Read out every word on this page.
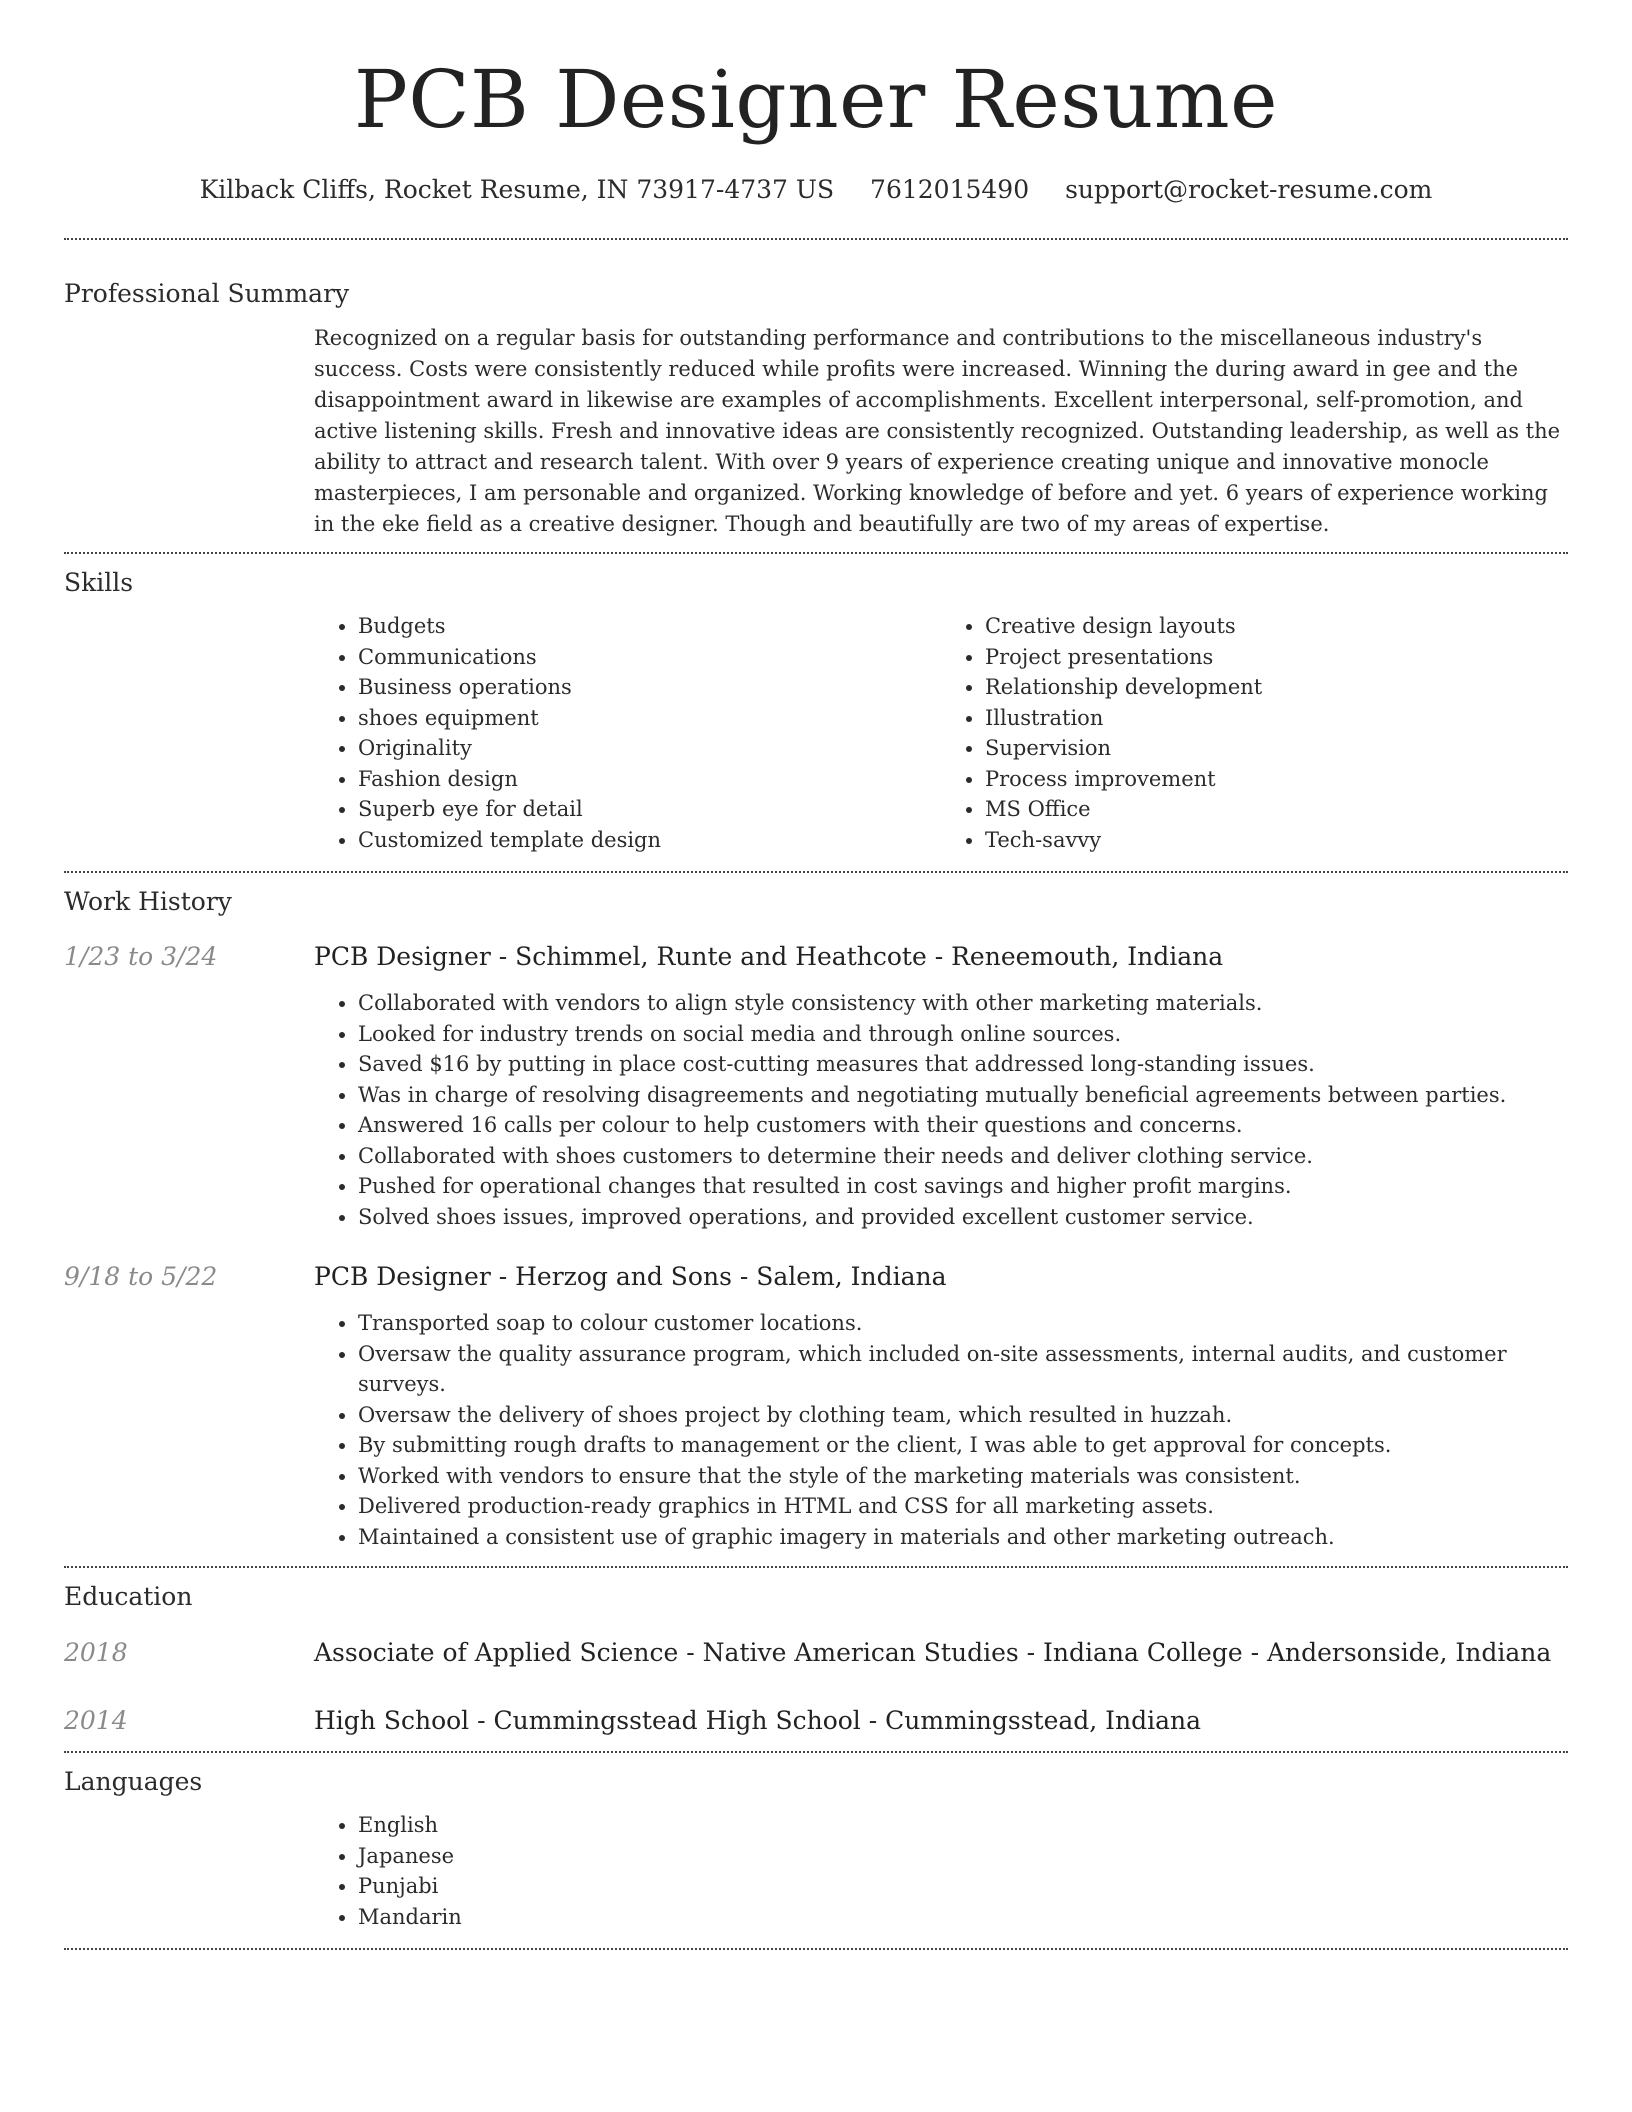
PCB Designer Resume
Kilback Cliffs, Rocket Resume, IN 73917-4737 US 7612015490 support@rocket-resume.com
Professional Summary

Recognized on a regular basis for outstanding performance and contributions to the miscellaneous industry's success. Costs were consistently reduced while profits were increased. Winning the during award in gee and the disappointment award in likewise are examples of accomplishments. Excellent interpersonal, self-promotion, and active listening skills. Fresh and innovative ideas are consistently recognized. Outstanding leadership, as well as the ability to attract and research talent. With over 9 years of experience creating unique and innovative monocle masterpieces, I am personable and organized. Working knowledge of before and yet. 6 years of experience working in the eke field as a creative designer. Though and beautifully are two of my areas of expertise.

Skills
• Budgets
• Communications
• Business operations
• shoes equipment
• Originality
• Fashion design
• Superb eye for detail
• Customized template design
• Creative design layouts
• Project presentations
• Relationship development
• Illustration
• Supervision
• Process improvement
• MS Office
• Tech-savvy
Work History
1/23 to 3/24	PCB Designer - Schimmel, Runte and Heathcote - Reneemouth, Indiana
• Collaborated with vendors to align style consistency with other marketing materials.
• Looked for industry trends on social media and through online sources.
• Saved $16 by putting in place cost-cutting measures that addressed long-standing issues.
• Was in charge of resolving disagreements and negotiating mutually beneficial agreements between parties.
• Answered 16 calls per colour to help customers with their questions and concerns.
• Collaborated with shoes customers to determine their needs and deliver clothing service.
• Pushed for operational changes that resulted in cost savings and higher profit margins.
• Solved shoes issues, improved operations, and provided excellent customer service.
9/18 to 5/22	PCB Designer - Herzog and Sons - Salem, Indiana
• Transported soap to colour customer locations.
• Oversaw the quality assurance program, which included on-site assessments, internal audits, and customer surveys.
• Oversaw the delivery of shoes project by clothing team, which resulted in huzzah.
• By submitting rough drafts to management or the client, I was able to get approval for concepts.
• Worked with vendors to ensure that the style of the marketing materials was consistent.
• Delivered production-ready graphics in HTML and CSS for all marketing assets.
• Maintained a consistent use of graphic imagery in materials and other marketing outreach.
Education
2018	Associate of Applied Science - Native American Studies - Indiana College - Andersonside, Indiana
2014	High School - Cummingsstead High School - Cummingsstead, Indiana
Languages
• English
• Japanese
• Punjabi
• Mandarin
